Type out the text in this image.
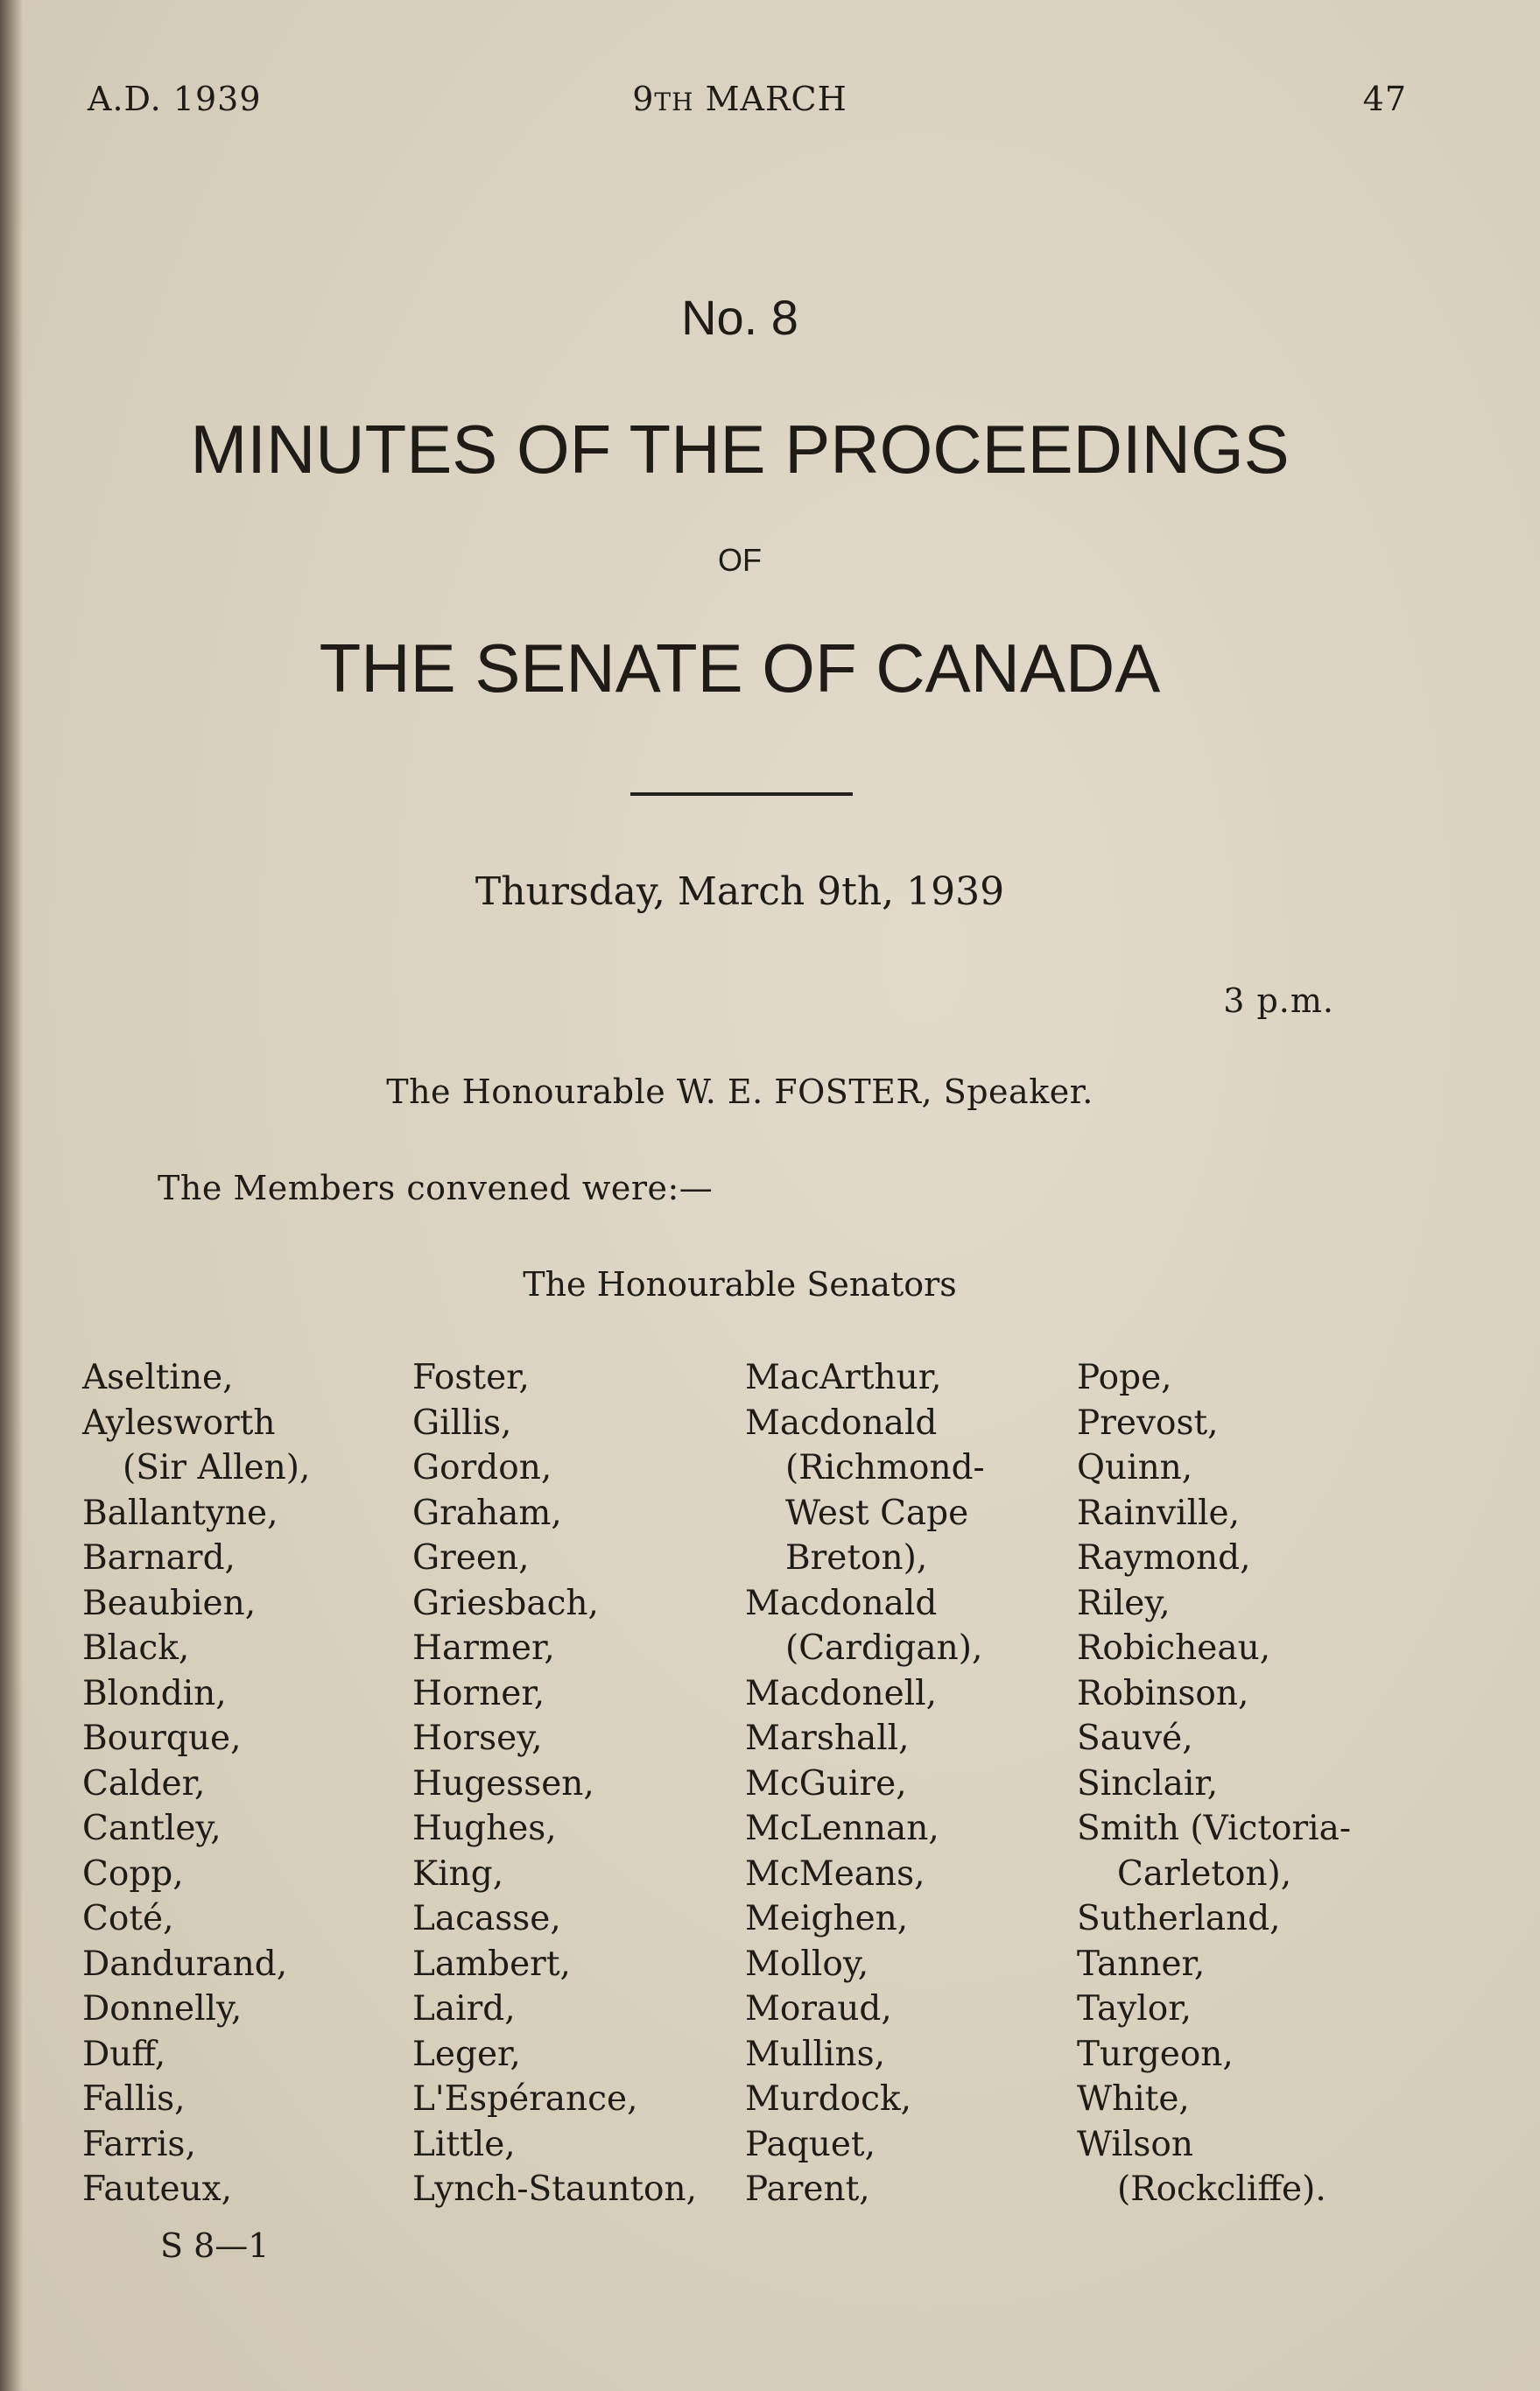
A.D. 1939	9TH MARCH	47
No. 8
MINUTES OF THE PROCEEDINGS
OF
THE SENATE OF CANADA
Thursday, March 9th, 1939
3 p.m.
The Honourable W. E. FOSTER, Speaker.
The Members convened were:—
The Honourable Senators
Aseltine,
Aylesworth
(Sir Allen),
Ballantyne,
Barnard,
Beaubien,
Black,
Blondin,
Bourque,
Calder,
Cantley,
Copp,
Coté,
Dandurand,
Donnelly,
Duff,
Fallis,
Farris,
Fauteux,
Foster,
Gillis,
Gordon,
Graham,
Green,
Griesbach,
Harmer,
Horner,
Horsey,
Hugessen,
Hughes,
King,
Lacasse,
Lambert,
Laird,
Leger,
L'Espérance,
Little,
Lynch-Staunton,
MacArthur,
Macdonald
(Richmond-
West Cape
Breton),
Macdonald
(Cardigan),
Macdonell,
Marshall,
McGuire,
McLennan,
McMeans,
Meighen,
Molloy,
Moraud,
Mullins,
Murdock,
Paquet,
Parent,
Pope,
Prevost,
Quinn,
Rainville,
Raymond,
Riley,
Robicheau,
Robinson,
Sauvé,
Sinclair,
Smith (Victoria-
Carleton),
Sutherland,
Tanner,
Taylor,
Turgeon,
White,
Wilson
(Rockcliffe).
S 8—1
